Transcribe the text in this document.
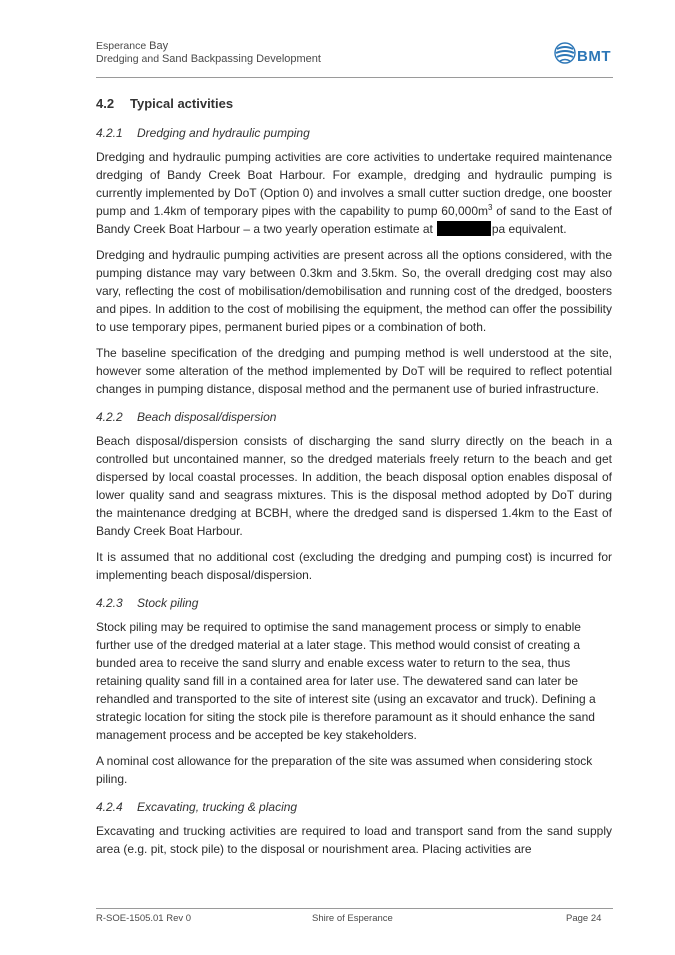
Esperance Bay
Dredging and Sand Backpassing Development	BMT
4.2 Typical activities
4.2.1 Dredging and hydraulic pumping

Dredging and hydraulic pumping activities are core activities to undertake required maintenance dredging of Bandy Creek Boat Harbour. For example, dredging and hydraulic pumping is currently implemented by DoT (Option 0) and involves a small cutter suction dredge, one booster pump and 1.4km of temporary pipes with the capability to pump $60,000m^3$ of sand to the East of Bandy Creek Boat Harbour – a two yearly operation estimate at	pa equivalent.

Dredging and hydraulic pumping activities are present across all the options considered, with the pumping distance may vary between 0.3km and 3.5km. So, the overall dredging cost may also vary, reflecting the cost of mobilisation/demobilisation and running cost of the dredged, boosters and pipes. In addition to the cost of mobilising the equipment, the method can offer the possibility to use temporary pipes, permanent buried pipes or a combination of both.

The baseline specification of the dredging and pumping method is well understood at the site, however some alteration of the method implemented by DoT will be required to reflect potential changes in pumping distance, disposal method and the permanent use of buried infrastructure.

4.2.2 Beach disposal/dispersion

Beach disposal/dispersion consists of discharging the sand slurry directly on the beach in a controlled but uncontained manner, so the dredged materials freely return to the beach and get dispersed by local coastal processes. In addition, the beach disposal option enables disposal of lower quality sand and seagrass mixtures. This is the disposal method adopted by DoT during the maintenance dredging at BCBH, where the dredged sand is dispersed 1.4km to the East of Bandy Creek Boat Harbour.

It is assumed that no additional cost (excluding the dredging and pumping cost) is incurred for implementing beach disposal/dispersion.

4.2.3 Stock piling

Stock piling may be required to optimise the sand management process or simply to enable further use of the dredged material at a later stage. This method would consist of creating a bunded area to receive the sand slurry and enable excess water to return to the sea, thus retaining quality sand fill in a contained area for later use. The dewatered sand can later be rehandled and transported to the site of interest site (using an excavator and truck). Defining a strategic location for siting the stock pile is therefore paramount as it should enhance the sand management process and be accepted be key stakeholders.

A nominal cost allowance for the preparation of the site was assumed when considering stock piling.

4.2.4 Excavating, trucking & placing

Excavating and trucking activities are required to load and transport sand from the sand supply area (e.g. pit, stock pile) to the disposal or nourishment area. Placing activities are

R-SOE-1505.01 Rev 0	Shire of Esperance	Page 24
